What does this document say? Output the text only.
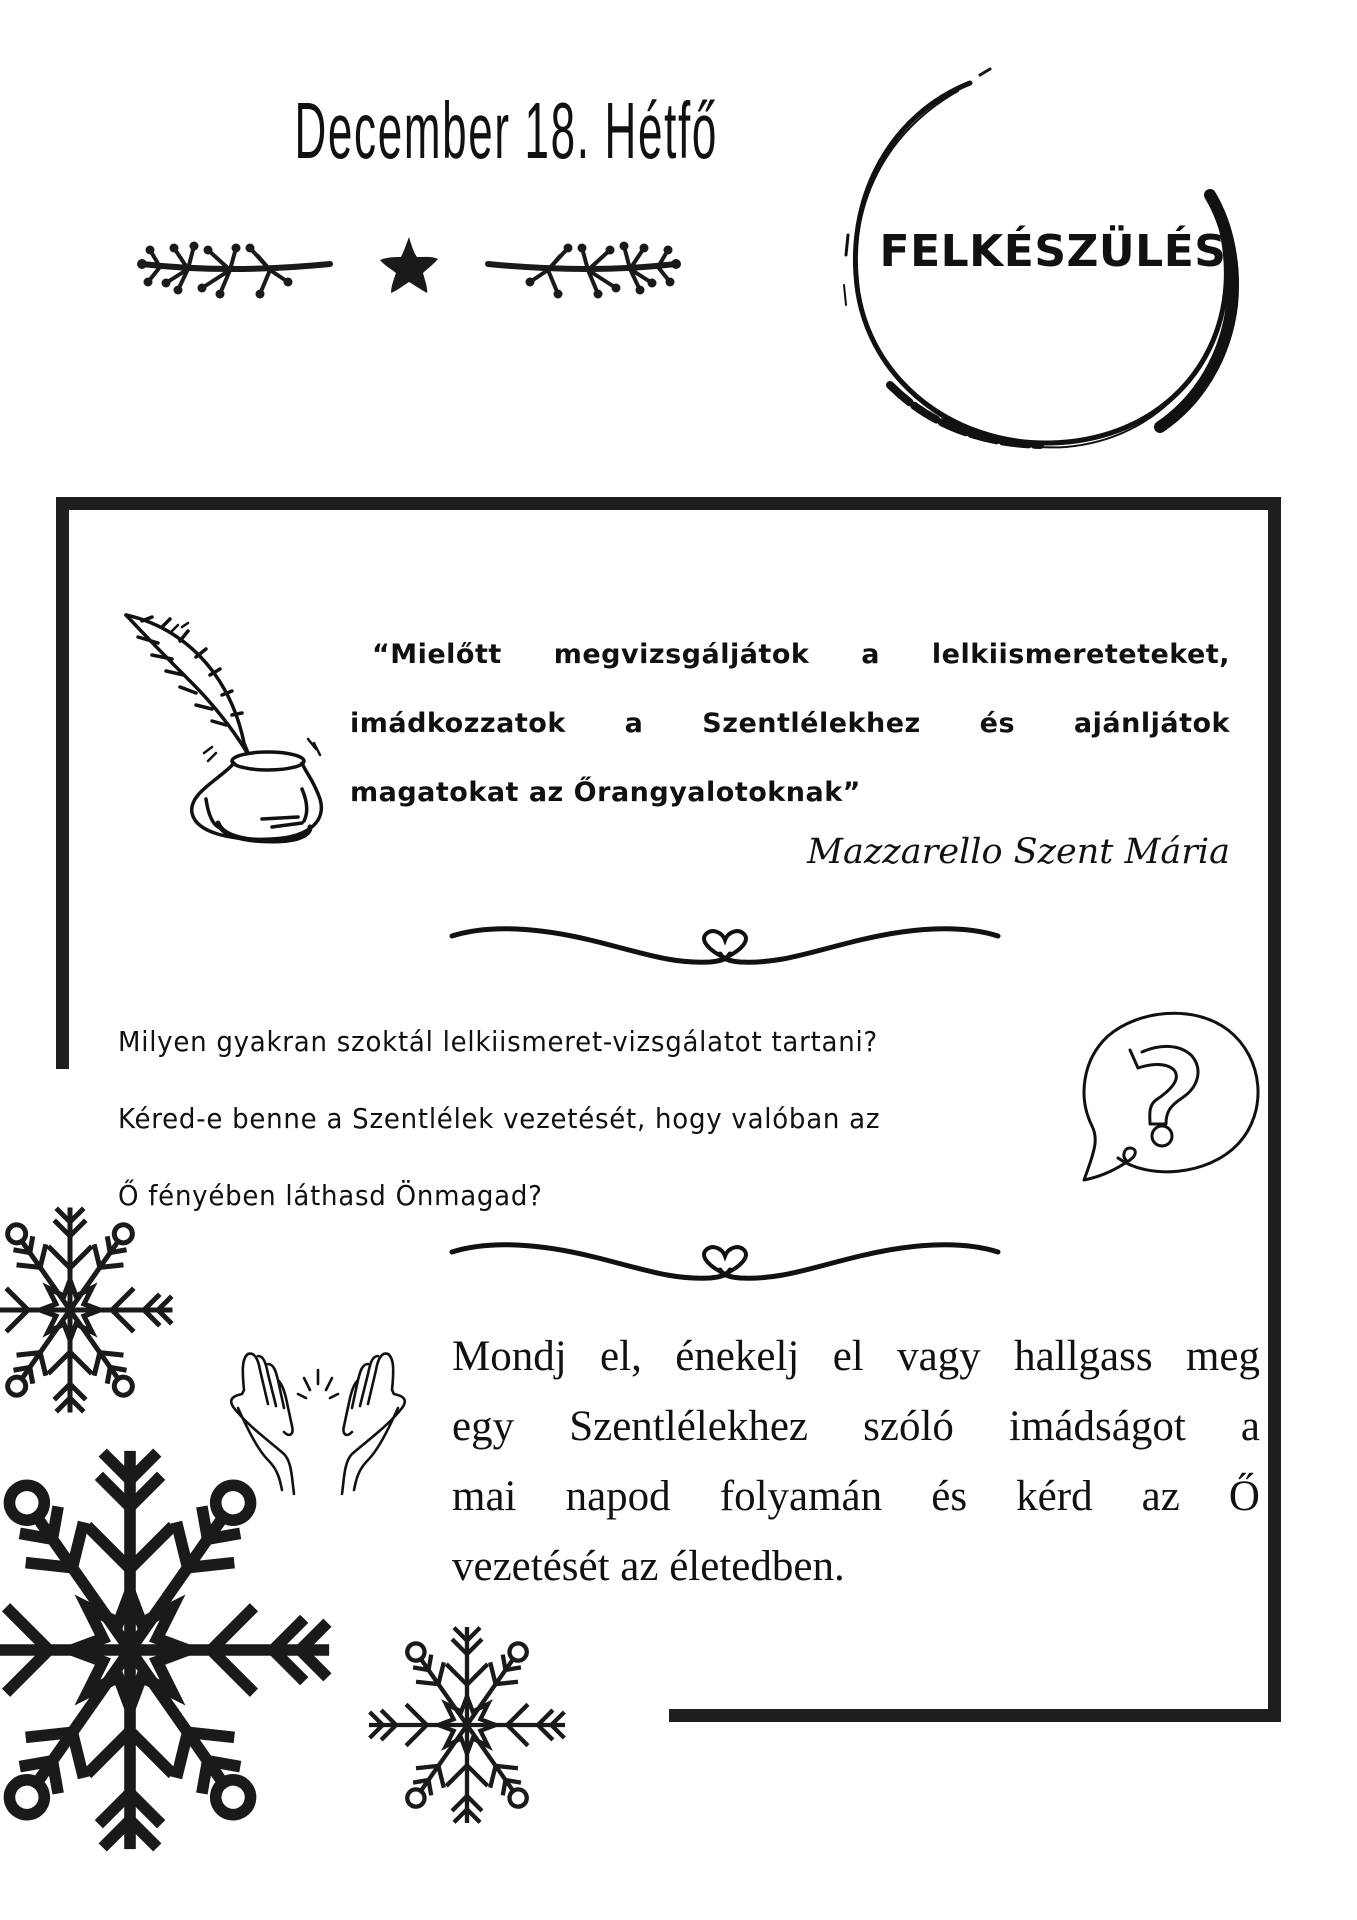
December 18. Hétfő
FELKÉSZÜLÉS
“Mielőtt megvizsgáljátok a lelkiismereteteket,
imádkozzatok a Szentlélekhez és ajánljátok
magatokat az Őrangyalotoknak”
Mazzarello Szent Mária
Milyen gyakran szoktál lelkiismeret-vizsgálatot tartani?
Kéred-e benne a Szentlélek vezetését, hogy valóban az
Ő fényében láthasd Önmagad?
Mondj el, énekelj el vagy hallgass meg
egy Szentlélekhez szóló imádságot a
mai napod folyamán és kérd az Ő
vezetését az életedben.
